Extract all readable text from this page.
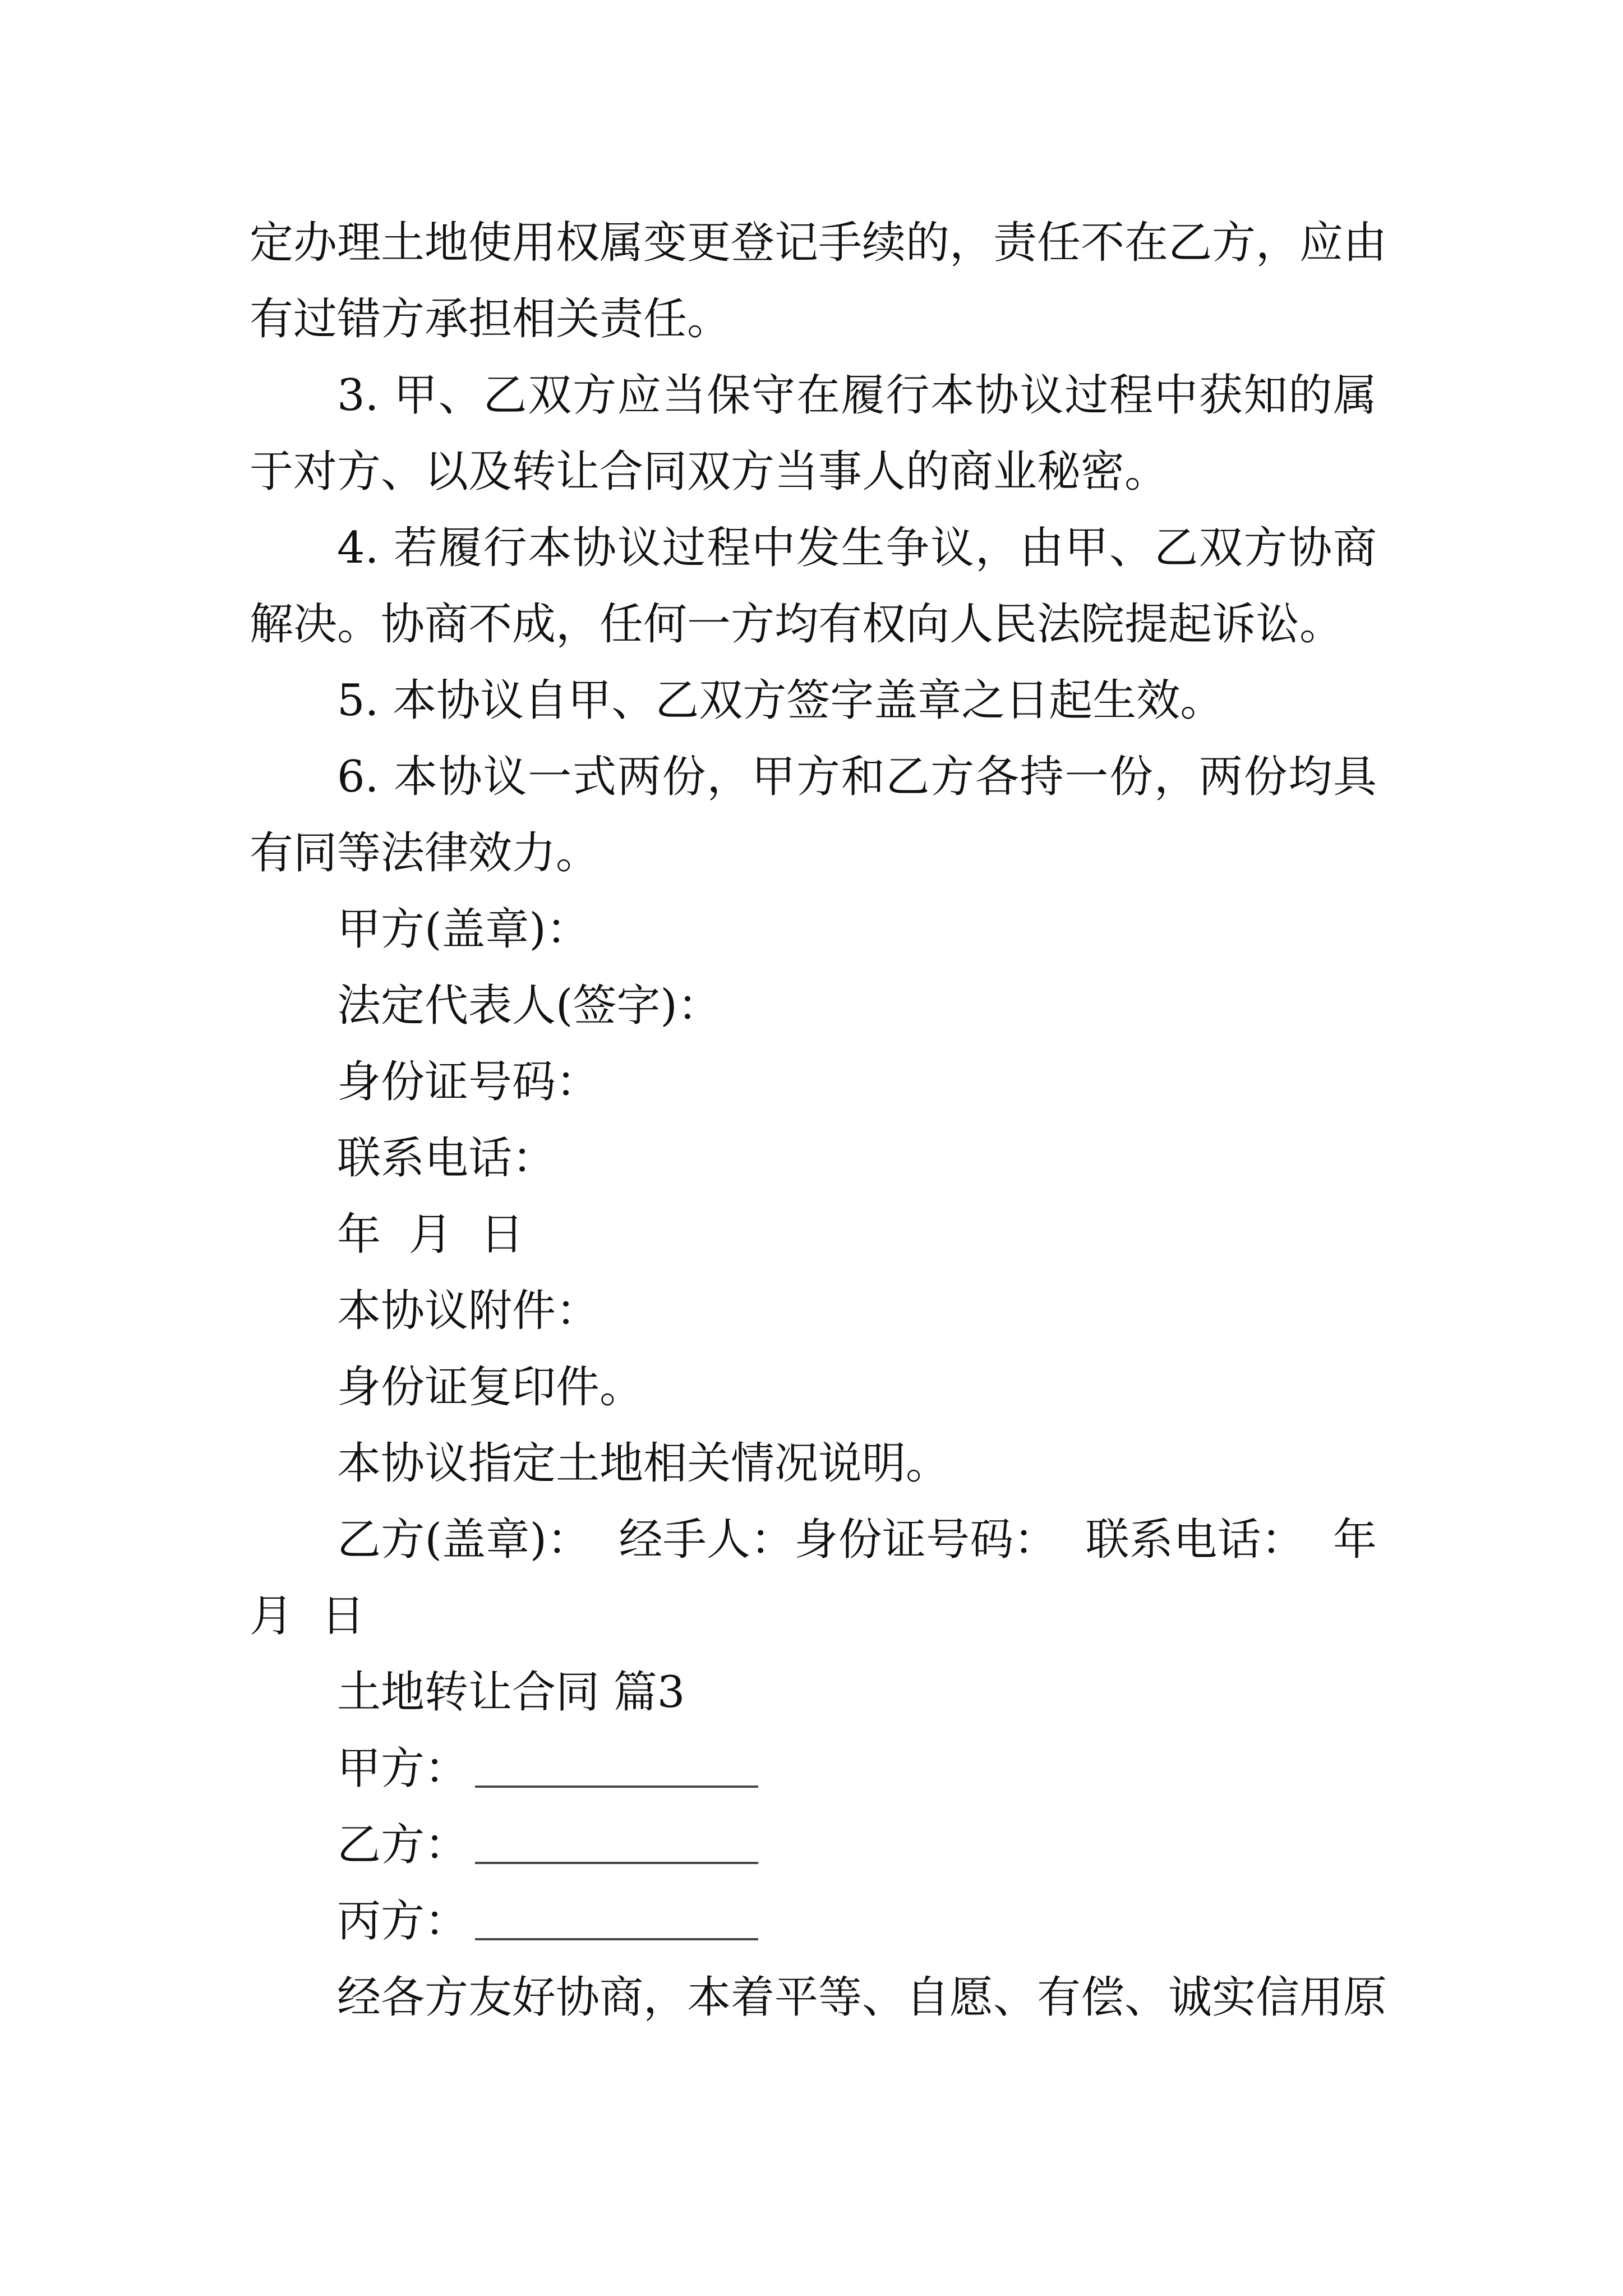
定办理土地使用权属变更登记手续的，责任不在乙方，应由
有过错方承担相关责任。
3. 甲、乙双方应当保守在履行本协议过程中获知的属
于对方、以及转让合同双方当事人的商业秘密。
4. 若履行本协议过程中发生争议，由甲、乙双方协商
解决。协商不成，任何一方均有权向人民法院提起诉讼。
5. 本协议自甲、乙双方签字盖章之日起生效。
6. 本协议一式两份，甲方和乙方各持一份，两份均具
有同等法律效力。
甲方(盖章)：
法定代表人(签字)：
身份证号码：
联系电话：
年  月  日
本协议附件：
身份证复印件。
本协议指定土地相关情况说明。
乙方(盖章)：  经手人：身份证号码：  联系电话：  年
月  日
土地转让合同 篇3
甲方：
乙方：
丙方：
经各方友好协商，本着平等、自愿、有偿、诚实信用原
